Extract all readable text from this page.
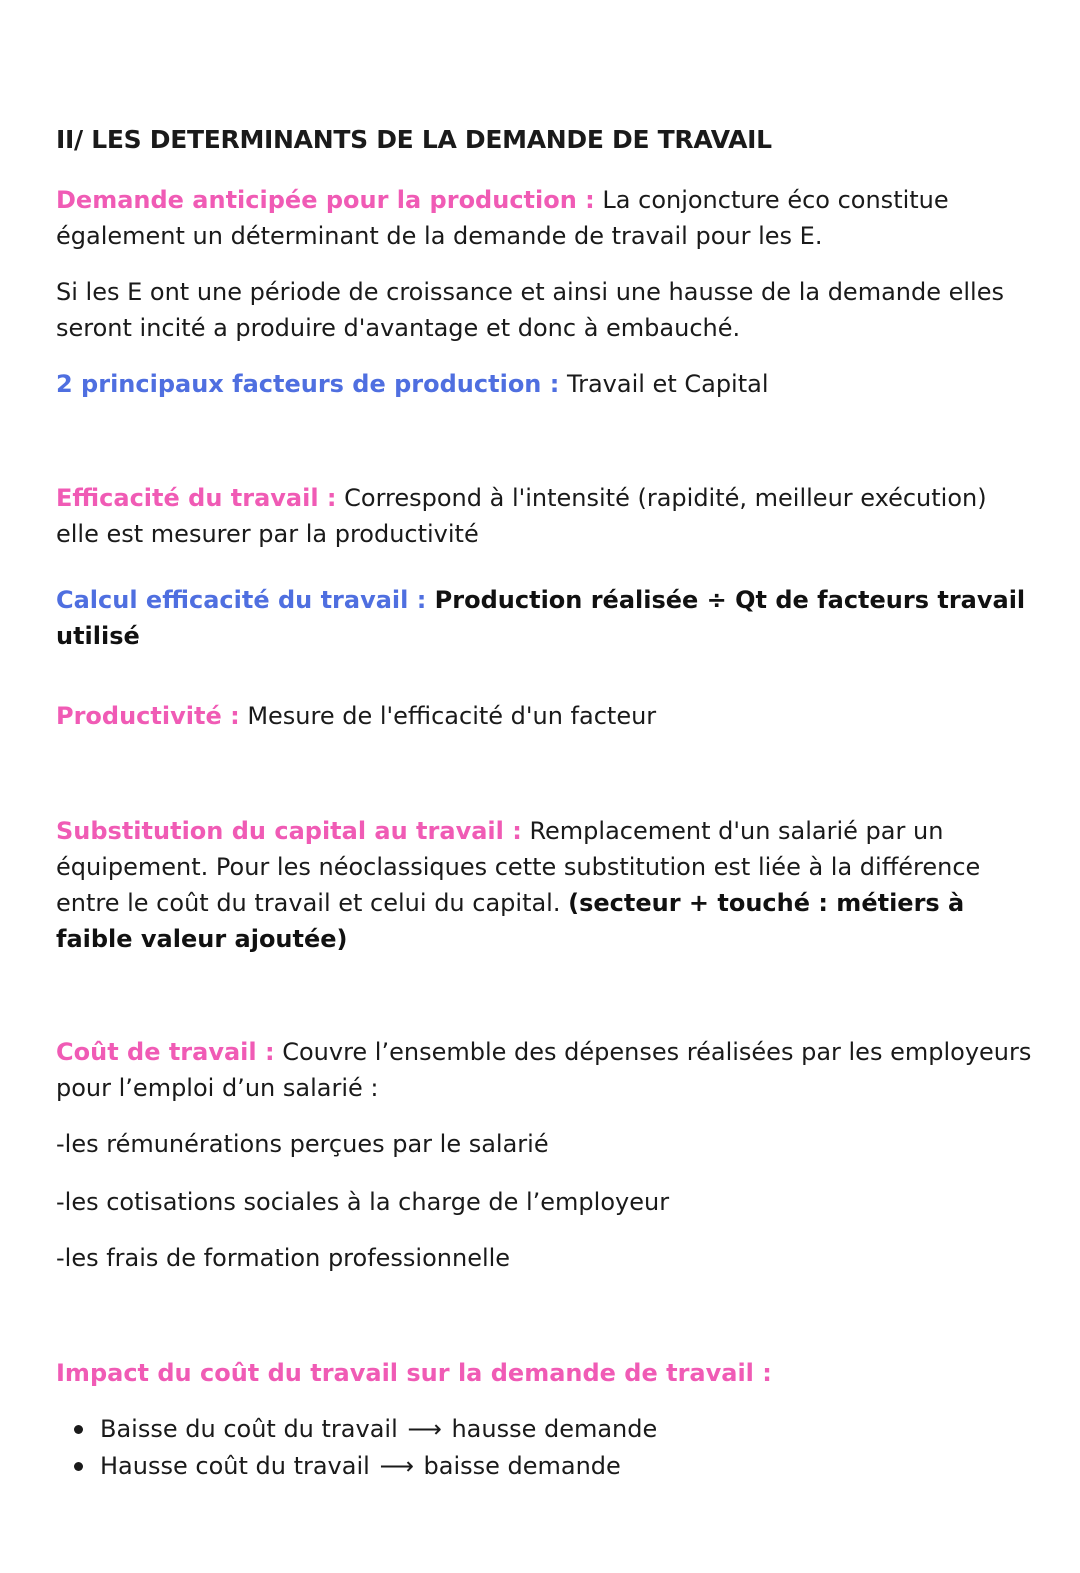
II/ LES DETERMINANTS DE LA DEMANDE DE TRAVAIL

Demande anticipée pour la production : La conjoncture éco constitue également un déterminant de la demande de travail pour les E.

Si les E ont une période de croissance et ainsi une hausse de la demande elles seront incité a produire d'avantage et donc à embauché.

2 principaux facteurs de production : Travail et Capital

Efficacité du travail : Correspond à l'intensité (rapidité, meilleur exécution) elle est mesurer par la productivité

Calcul efficacité du travail : Production réalisée ÷ Qt de facteurs travail utilisé

Productivité : Mesure de l'efficacité d'un facteur

Substitution du capital au travail : Remplacement d'un salarié par un équipement. Pour les néoclassiques cette substitution est liée à la différence entre le coût du travail et celui du capital. (secteur + touché : métiers à faible valeur ajoutée)

Coût de travail : Couvre l’ensemble des dépenses réalisées par les employeurs pour l’emploi d’un salarié :

-les rémunérations perçues par le salarié

-les cotisations sociales à la charge de l’employeur

-les frais de formation professionnelle

Impact du coût du travail sur la demande de travail :

Baisse du coût du travail ⟶ hausse demande
Hausse coût du travail ⟶ baisse demande
